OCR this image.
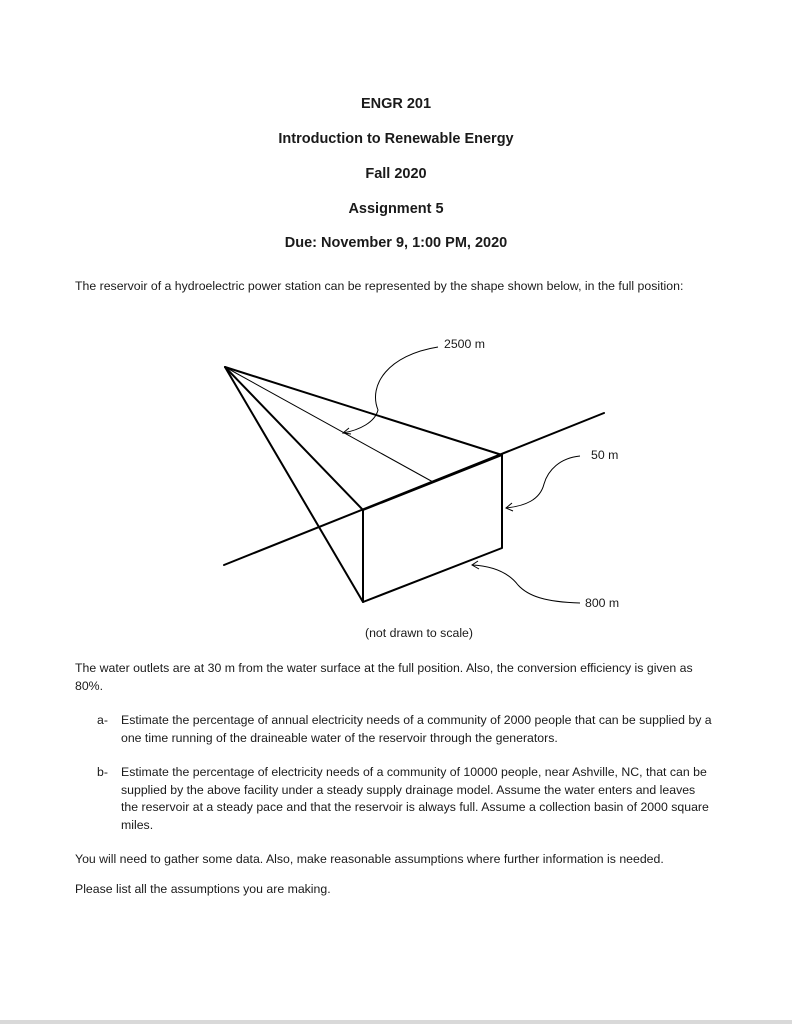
ENGR 201
Introduction to Renewable Energy
Fall 2020
Assignment 5
Due: November 9, 1:00 PM, 2020
The reservoir of a hydroelectric power station can be represented by the shape shown below, in the full position:
2500 m
50 m
800 m
(not drawn to scale)
The water outlets are at 30 m from the water surface at the full position. Also, the conversion efficiency is given as 80%.
a- Estimate the percentage of annual electricity needs of a community of 2000 people that can be supplied by a one time running of the draineable water of the reservoir through the generators.
b- Estimate the percentage of electricity needs of a community of 10000 people, near Ashville, NC, that can be supplied by the above facility under a steady supply drainage model. Assume the water enters and leaves the reservoir at a steady pace and that the reservoir is always full. Assume a collection basin of 2000 square miles.
You will need to gather some data. Also, make reasonable assumptions where further information is needed.
Please list all the assumptions you are making.
